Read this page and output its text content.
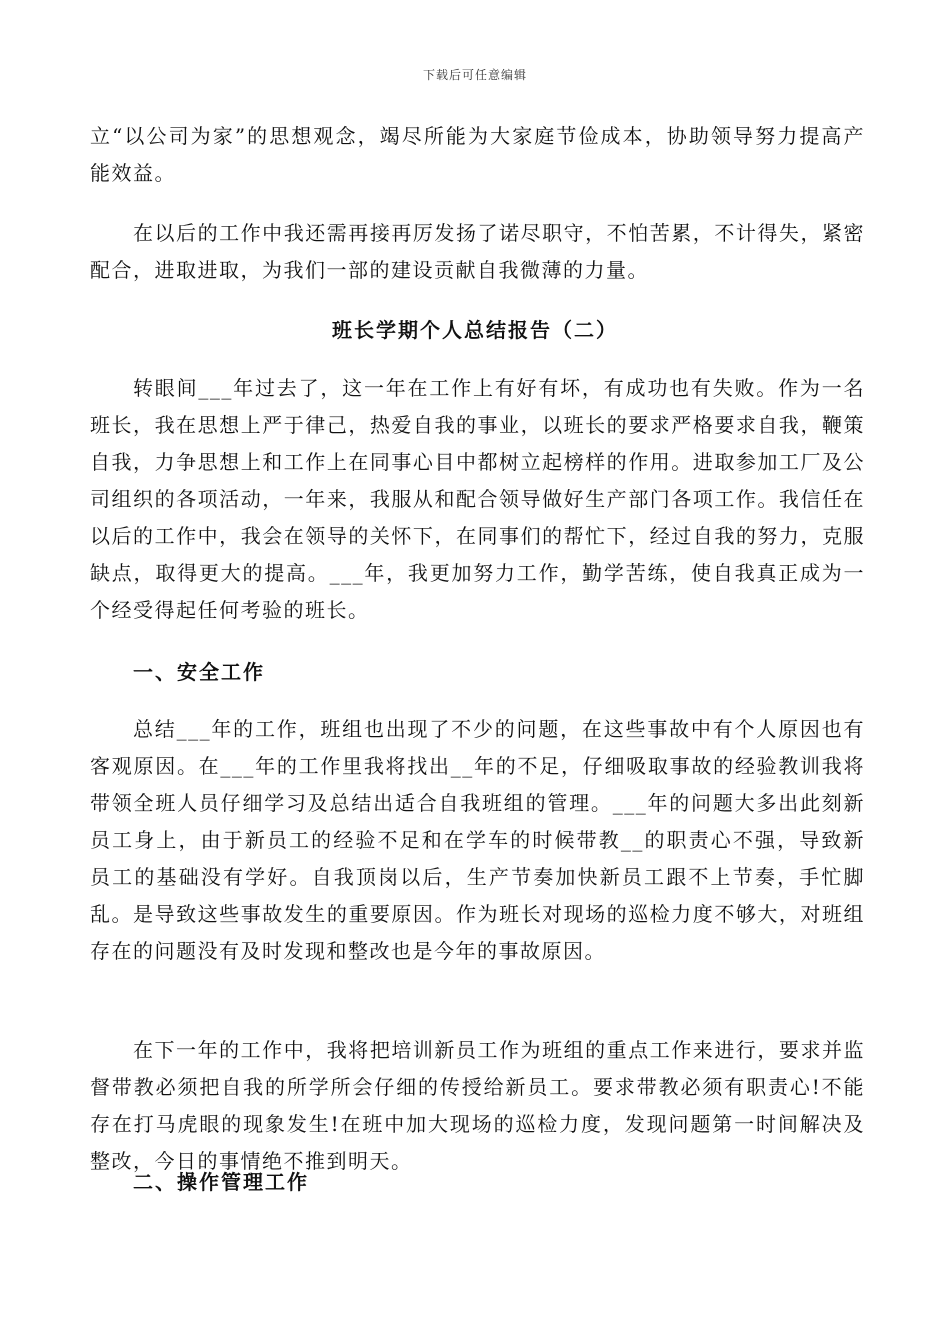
下载后可任意编辑
立“以公司为家”的思想观念，竭尽所能为大家庭节俭成本，协助领导努力提高产能效益。
在以后的工作中我还需再接再厉发扬了诺尽职守，不怕苦累，不计得失，紧密配合，进取进取，为我们一部的建设贡献自我微薄的力量。
班长学期个人总结报告（二）
转眼间___年过去了，这一年在工作上有好有坏，有成功也有失败。作为一名班长，我在思想上严于律己，热爱自我的事业，以班长的要求严格要求自我，鞭策自我，力争思想上和工作上在同事心目中都树立起榜样的作用。进取参加工厂及公司组织的各项活动，一年来，我服从和配合领导做好生产部门各项工作。我信任在以后的工作中，我会在领导的关怀下，在同事们的帮忙下，经过自我的努力，克服缺点，取得更大的提高。___年，我更加努力工作，勤学苦练，使自我真正成为一个经受得起任何考验的班长。
一、安全工作
总结___年的工作，班组也出现了不少的问题，在这些事故中有个人原因也有客观原因。在___年的工作里我将找出__年的不足，仔细吸取事故的经验教训我将带领全班人员仔细学习及总结出适合自我班组的管理。___年的问题大多出此刻新员工身上，由于新员工的经验不足和在学车的时候带教__的职责心不强，导致新员工的基础没有学好。自我顶岗以后，生产节奏加快新员工跟不上节奏，手忙脚乱。是导致这些事故发生的重要原因。作为班长对现场的巡检力度不够大，对班组存在的问题没有及时发现和整改也是今年的事故原因。
在下一年的工作中，我将把培训新员工作为班组的重点工作来进行，要求并监督带教必须把自我的所学所会仔细的传授给新员工。要求带教必须有职责心!不能存在打马虎眼的现象发生!在班中加大现场的巡检力度，发现问题第一时间解决及整改，今日的事情绝不推到明天。
二、操作管理工作
